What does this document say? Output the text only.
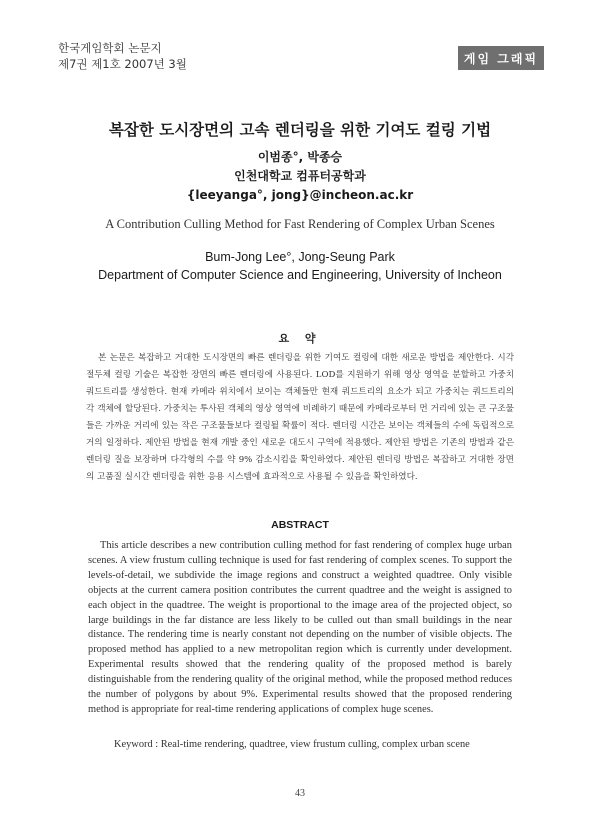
한국게임학회 논문지
제7권 제1호 2007년 3월	게임 그래픽
복잡한 도시장면의 고속 렌더링을 위한 기여도 컬링 기법
이범종°, 박종승
인천대학교 컴퓨터공학과
{leeyanga°, jong}@incheon.ac.kr
A Contribution Culling Method for Fast Rendering of Complex Urban Scenes
Bum-Jong Lee°, Jong-Seung Park
Department of Computer Science and Engineering, University of Incheon
요 약
본 논문은 복잡하고 거대한 도시장면의 빠른 렌더링을 위한 기여도 컬링에 대한 새로운 방법을 제안한다. 시각 절두체 컬링 기술은 복잡한 장면의 빠른 렌더링에 사용된다. LOD를 지원하기 위해 영상 영역을 분할하고 가중치 쿼드트리를 생성한다. 현재 카메라 위치에서 보이는 객체들만 현재 쿼드트리의 요소가 되고 가중치는 쿼드트리의 각 객체에 할당된다. 가중치는 투사된 객체의 영상 영역에 비례하기 때문에 카메라로부터 먼 거리에 있는 큰 구조물들은 가까운 거리에 있는 작은 구조물들보다 컬링될 확률이 적다. 렌더링 시간은 보이는 객체들의 수에 독립적으로 거의 일정하다. 제안된 방법을 현재 개발 중인 새로운 대도시 구역에 적용했다. 제안된 방법은 기존의 방법과 같은 렌더링 질을 보장하며 다각형의 수를 약 9% 감소시킴을 확인하였다. 제안된 렌더링 방법은 복잡하고 거대한 장면의 고품질 실시간 렌더링을 위한 응용 시스템에 효과적으로 사용될 수 있음을 확인하였다.
ABSTRACT
This article describes a new contribution culling method for fast rendering of complex huge urban scenes. A view frustum culling technique is used for fast rendering of complex scenes. To support the levels-of-detail, we subdivide the image regions and construct a weighted quadtree. Only visible objects at the current camera position contributes the current quadtree and the weight is assigned to each object in the quadtree. The weight is proportional to the image area of the projected object, so large buildings in the far distance are less likely to be culled out than small buildings in the near distance. The rendering time is nearly constant not depending on the number of visible objects. The proposed method has applied to a new metropolitan region which is currently under development. Experimental results showed that the rendering quality of the proposed method is barely distinguishable from the rendering quality of the original method, while the proposed method reduces the number of polygons by about 9%. Experimental results showed that the proposed rendering method is appropriate for real-time rendering applications of complex huge scenes.
Keyword : Real-time rendering, quadtree, view frustum culling, complex urban scene
43
